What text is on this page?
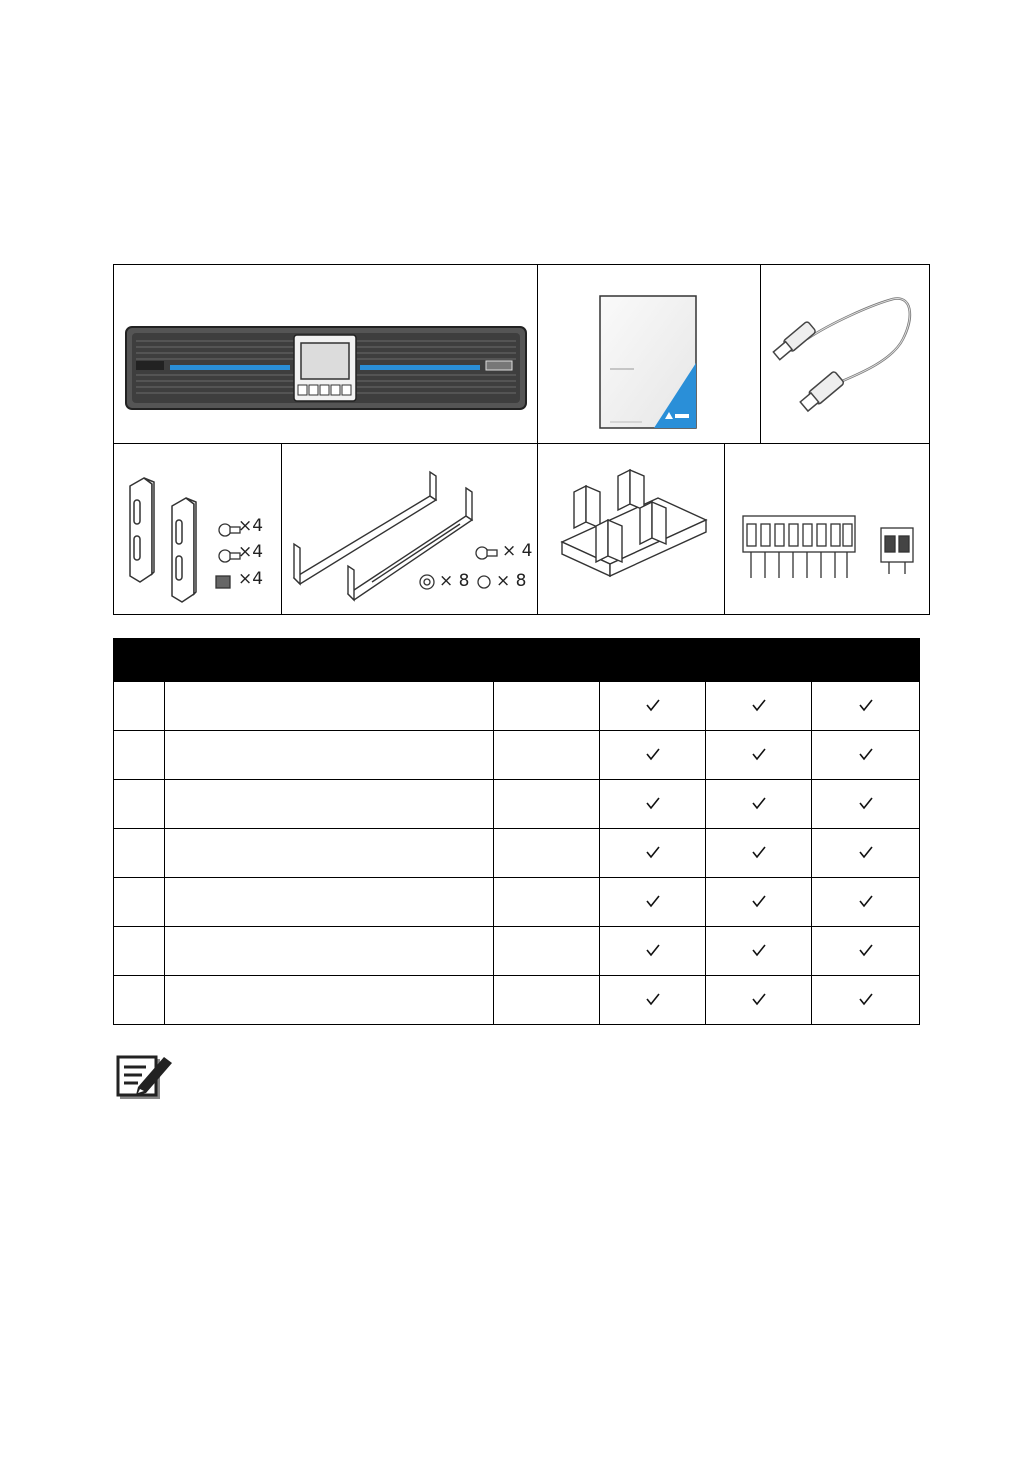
×4
×4
×4
× 4
× 8 × 8
